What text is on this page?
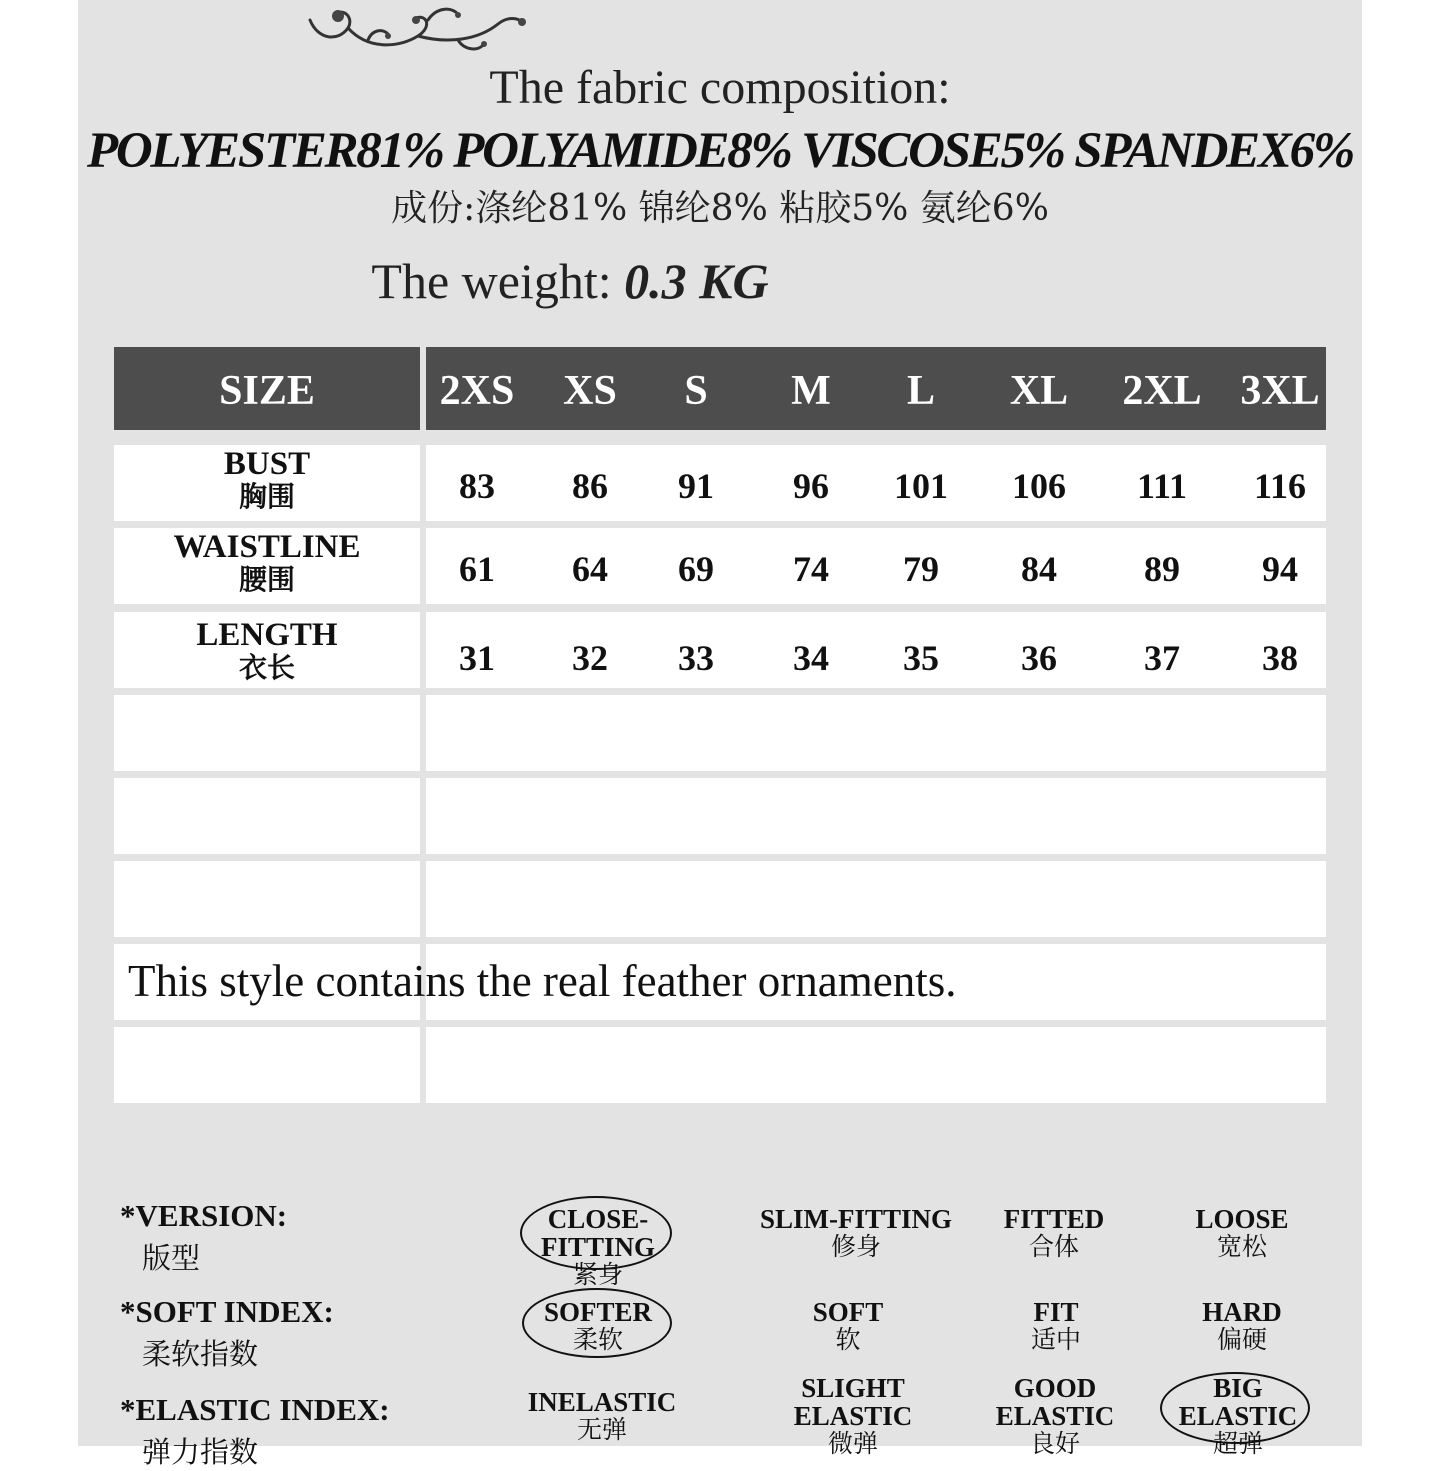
The fabric composition:
POLYESTER81% POLYAMIDE8% VISCOSE5% SPANDEX6%
成份:涤纶81% 锦纶8% 粘胶5% 氨纶6%
The weight: 0.3 KG
SIZE	2XS	XS	S	M	L	XL	2XL 3XL
BUST
胸围	83	86	91	96	101	106	111	116
WAISTLINE
腰围	61	64	69	74	79	84	89	94
LENGTH
衣长	31	32	33	34	35	36	37	38
This style contains the real feather ornaments.
*VERSION:
版型
CLOSE-FITTING
紧身
SLIM-FITTING
修身
FITTED
合体
LOOSE
宽松
*SOFT INDEX:
柔软指数
SOFTER
柔软
SOFT
软
FIT
适中
HARD
偏硬
*ELASTIC INDEX:
弹力指数
INELASTIC
无弹
SLIGHT ELASTIC
微弹
GOOD ELASTIC
良好
BIG ELASTIC
超弹
